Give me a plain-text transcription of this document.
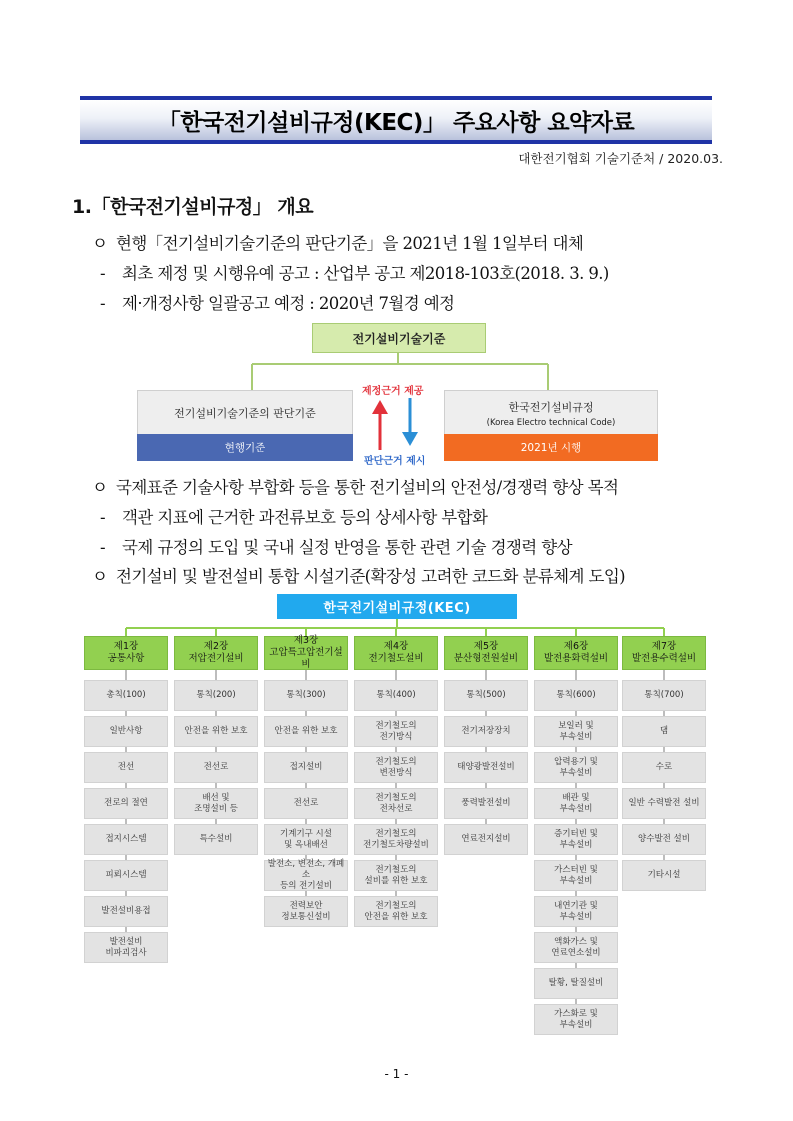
「한국전기설비규정(KEC)」 주요사항 요약자료
대한전기협회 기술기준처 / 2020.03.
1.「한국전기설비규정」 개요
ㅇ 현행「전기설비기술기준의 판단기준」을 2021년 1월 1일부터 대체
- 최초 제정 및 시행유예 공고 : 산업부 공고 제2018-103호(2018. 3. 9.)
- 제·개정사항 일괄공고 예정 : 2020년 7월경 예정
전기설비기술기준
전기설비기술기준의 판단기준
현행기준
한국전기설비규정
(Korea Electro technical Code)
2021년 시행
제정근거 제공
판단근거 제시
ㅇ 국제표준 기술사항 부합화 등을 통한 전기설비의 안전성/경쟁력 향상 목적
- 객관 지표에 근거한 과전류보호 등의 상세사항 부합화
- 국제 규정의 도입 및 국내 실정 반영을 통한 관련 기술 경쟁력 향상
ㅇ 전기설비 및 발전설비 통합 시설기준(확장성 고려한 코드화 분류체계 도입)
한국전기설비규정(KEC)
제1장
공통사항
총칙(100)
일반사항
전선
전로의 절연
접지시스템
피뢰시스템
발전설비용접
발전설비
비파괴검사
제2장
저압전기설비
통칙(200)
안전을 위한 보호
전선로
배선 및
조명설비 등
특수설비
제3장
고압특고압전기설비
통칙(300)
안전을 위한 보호
접지설비
전선로
기계기구 시설
및 옥내배선
발전소, 변전소, 개폐소
등의 전기설비
전력보안
정보통신설비
제4장
전기철도설비
통칙(400)
전기철도의
전기방식
전기철도의
변전방식
전기철도의
전차선로
전기철도의
전기철도차량설비
전기철도의
설비를 위한 보호
전기철도의
안전을 위한 보호
제5장
분산형전원설비
통칙(500)
전기저장장치
태양광발전설비
풍력발전설비
연료전지설비
제6장
발전용화력설비
통칙(600)
보일러 및
부속설비
압력용기 및
부속설비
배관 및
부속설비
증기터빈 및
부속설비
가스터빈 및
부속설비
내연기관 및
부속설비
액화가스 및
연료연소설비
탈황, 탈질설비
가스화로 및
부속설비
제7장
발전용수력설비
통칙(700)
댐
수로
일반 수력발전 설비
양수발전 설비
기타시설
- 1 -
